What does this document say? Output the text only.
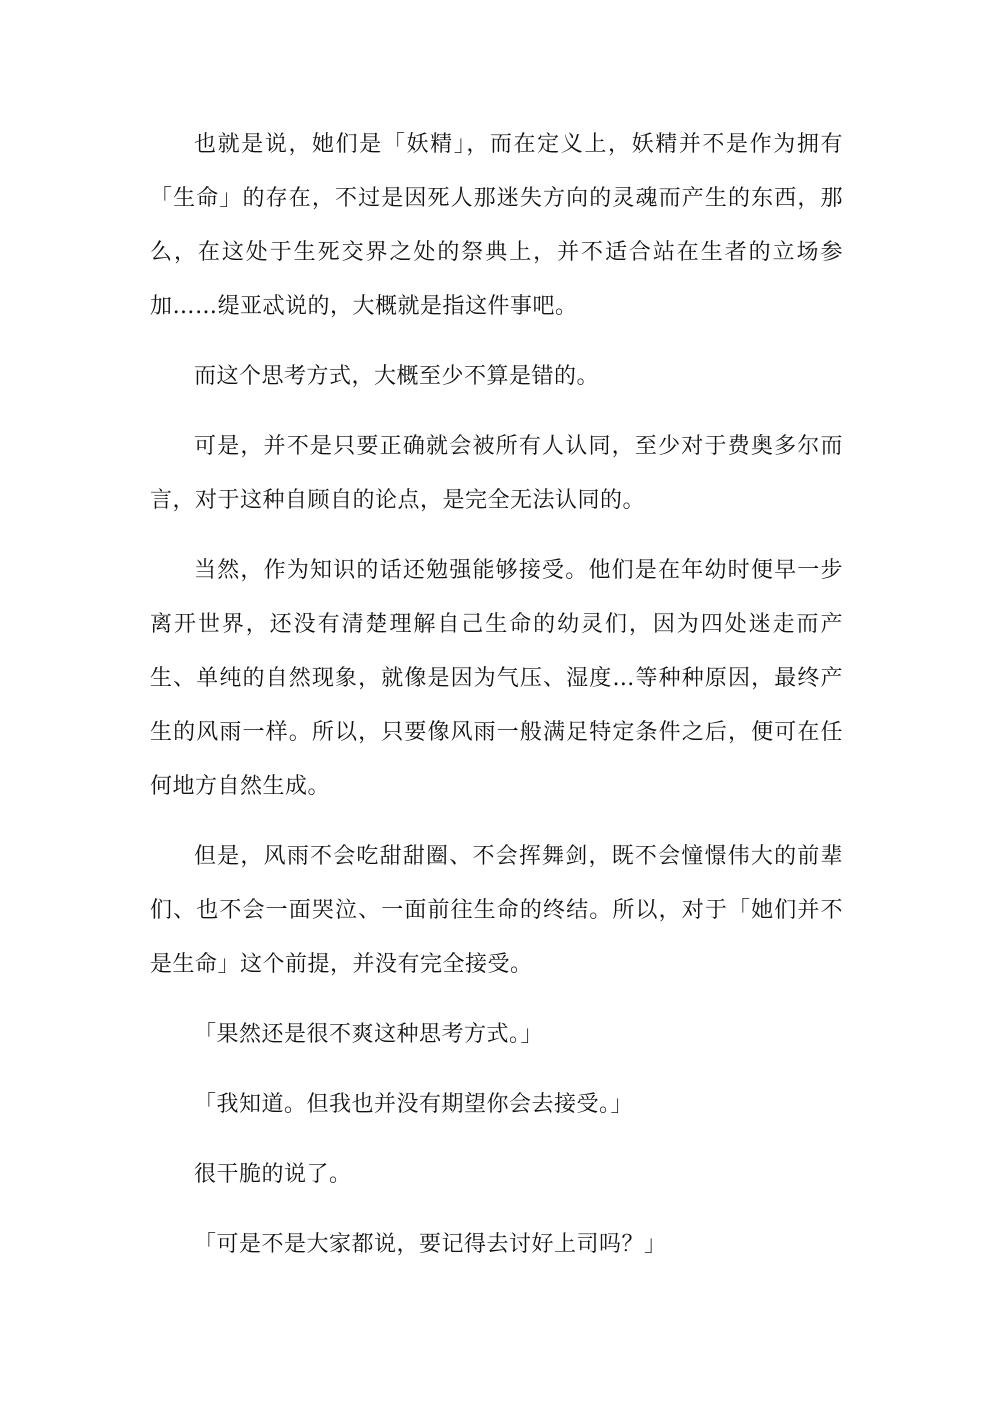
也就是说，她们是「妖精」，而在定义上，妖精并不是作为拥有「生命」的存在，不过是因死人那迷失方向的灵魂而产生的东西，那么，在这处于生死交界之处的祭典上，并不适合站在生者的立场参加……缇亚忒说的，大概就是指这件事吧。

而这个思考方式，大概至少不算是错的。

可是，并不是只要正确就会被所有人认同，至少对于费奥多尔而言，对于这种自顾自的论点，是完全无法认同的。

当然，作为知识的话还勉强能够接受。他们是在年幼时便早一步离开世界，还没有清楚理解自己生命的幼灵们，因为四处迷走而产生、单纯的自然现象，就像是因为气压、湿度…等种种原因，最终产生的风雨一样。所以，只要像风雨一般满足特定条件之后，便可在任何地方自然生成。

但是，风雨不会吃甜甜圈、不会挥舞剑，既不会憧憬伟大的前辈们、也不会一面哭泣、一面前往生命的终结。所以，对于「她们并不是生命」这个前提，并没有完全接受。

「果然还是很不爽这种思考方式。」

「我知道。但我也并没有期望你会去接受。」

很干脆的说了。

「可是不是大家都说，要记得去讨好上司吗？」
